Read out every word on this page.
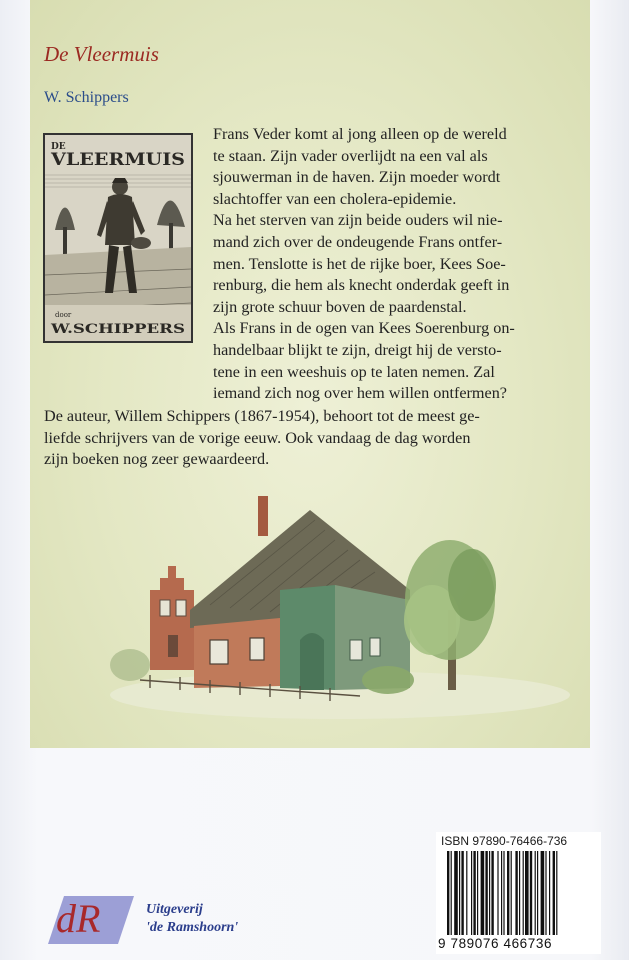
De Vleermuis
W. Schippers
DE
VLEERMUIS
door
W.SCHIPPERS
Frans Veder komt al jong alleen op de wereld
te staan. Zijn vader overlijdt na een val als
sjouwerman in de haven. Zijn moeder wordt
slachtoffer van een cholera-epidemie.
Na het sterven van zijn beide ouders wil nie-
mand zich over de ondeugende Frans ontfer-
men. Tenslotte is het de rijke boer, Kees Soe-
renburg, die hem als knecht onderdak geeft in
zijn grote schuur boven de paardenstal.
Als Frans in de ogen van Kees Soerenburg on-
handelbaar blijkt te zijn, dreigt hij de verstо-
tene in een weeshuis op te laten nemen. Zal
iemand zich nog over hem willen ontfermen?
De auteur, Willem Schippers (1867-1954), behoort tot de meest ge-
liefde schrijvers van de vorige eeuw. Ook vandaag de dag worden
zijn boeken nog zeer gewaardeerd.
ISBN 97890-76466-736
9 789076 466736
dR	Uitgeverij
'de Ramshoorn'
